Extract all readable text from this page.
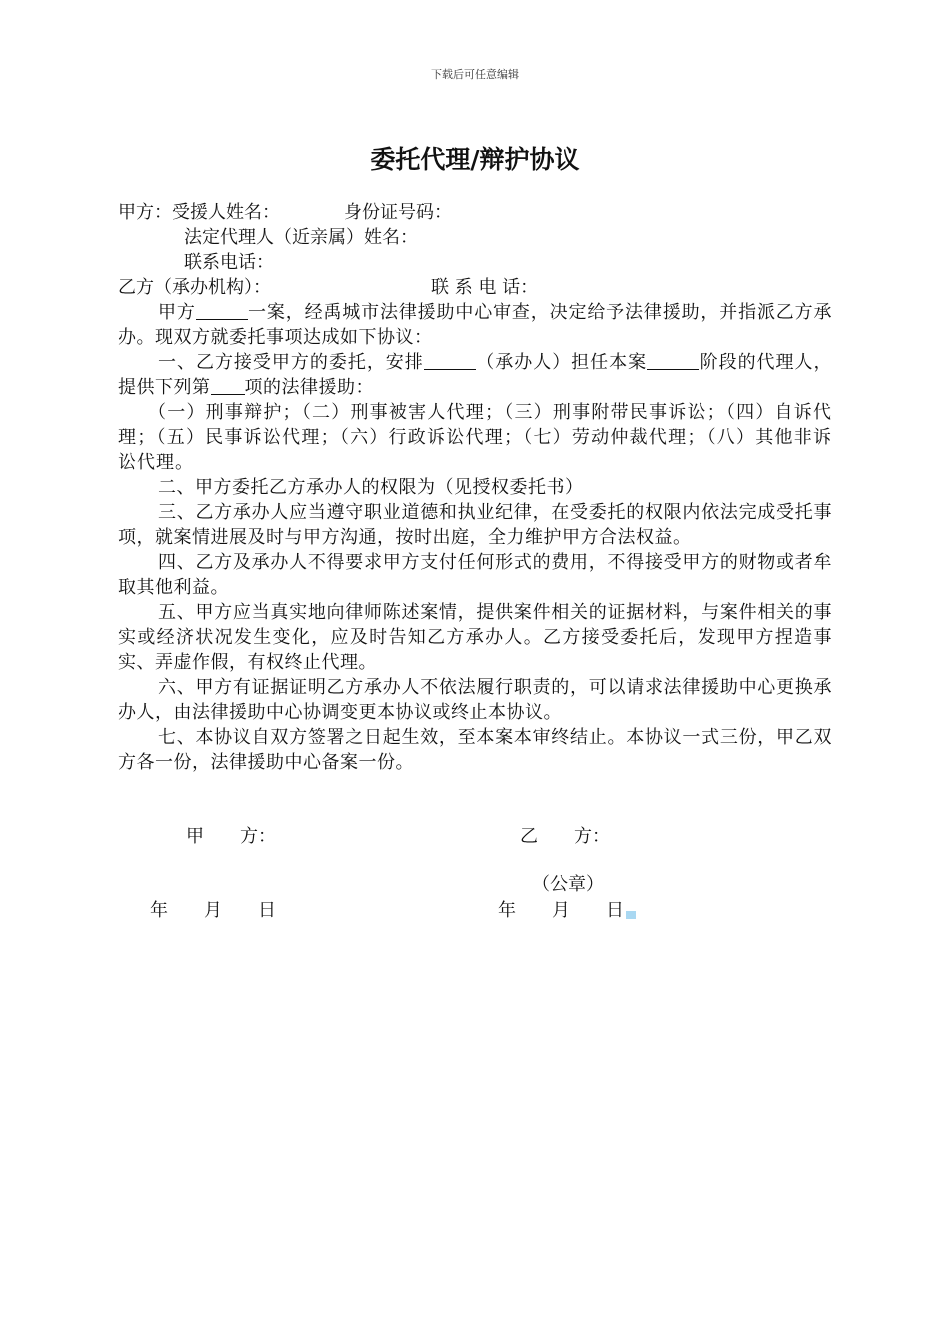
下载后可任意编辑
委托代理/辩护协议
甲方：受援人姓名：	身份证号码：
法定代理人（近亲属）姓名：
联系电话：
乙方（承办机构）：	联 系 电 话：
甲方	一案，经禹城市法律援助中心审查，决定给予法律援助，并指派乙方承办。现双方就委托事项达成如下协议：
一、乙方接受甲方的委托，安排	（承办人）担任本案	阶段的代理人，提供下列第 项的法律援助：
（一）刑事辩护；（二）刑事被害人代理；（三）刑事附带民事诉讼；（四）自诉代理；（五）民事诉讼代理；（六）行政诉讼代理；（七）劳动仲裁代理；（八）其他非诉讼代理。
二、甲方委托乙方承办人的权限为（见授权委托书）
三、乙方承办人应当遵守职业道德和执业纪律，在受委托的权限内依法完成受托事项，就案情进展及时与甲方沟通，按时出庭，全力维护甲方合法权益。
四、乙方及承办人不得要求甲方支付任何形式的费用，不得接受甲方的财物或者牟取其他利益。
五、甲方应当真实地向律师陈述案情，提供案件相关的证据材料，与案件相关的事实或经济状况发生变化，应及时告知乙方承办人。乙方接受委托后，发现甲方捏造事实、弄虚作假，有权终止代理。
六、甲方有证据证明乙方承办人不依法履行职责的，可以请求法律援助中心更换承办人，由法律援助中心协调变更本协议或终止本协议。
七、本协议自双方签署之日起生效，至本案本审终结止。本协议一式三份，甲乙双方各一份，法律援助中心备案一份。
甲　　方：	乙　　方：
（公章）
年　　月　　日	年　　月　　日
